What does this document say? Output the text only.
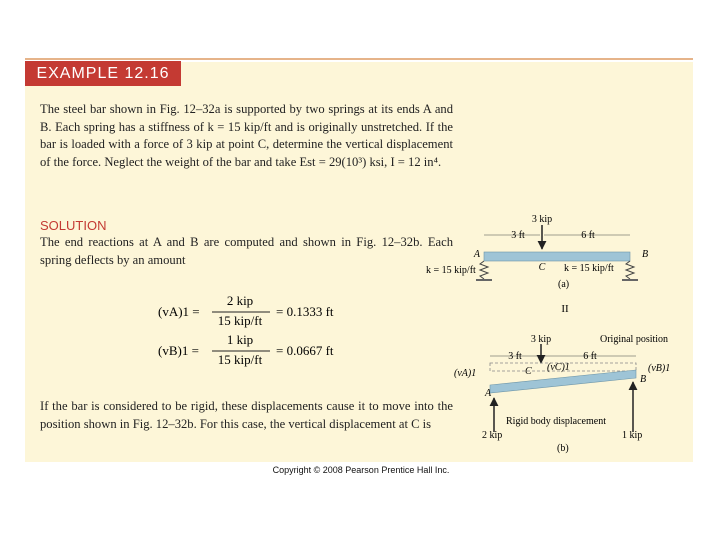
EXAMPLE 12.16

The steel bar shown in Fig. 12–32a is supported by two springs at its ends A and B. Each spring has a stiffness of k = 15 kip/ft and is originally unstretched. If the bar is loaded with a force of 3 kip at point C, determine the vertical displacement of the force. Neglect the weight of the bar and take Est = 29(10³) ksi, I = 12 in⁴.

SOLUTION

The end reactions at A and B are computed and shown in Fig. 12–32b. Each spring deflects by an amount

(vA)1 =
2 kip
15 kip/ft
= 0.1333 ft
(vB)1 =
1 kip
15 kip/ft
= 0.0667 ft

If the bar is considered to be rigid, these displacements cause it to move into the position shown in Fig. 12–32b. For this case, the vertical displacement at C is

3 kip
3 ft	6 ft
A	B
C
k = 15 kip/ft	k = 15 kip/ft
(a)
II
3 kip	Original position
3 ft	6 ft
(vA)1
(vC)1	(vB)1
C
A
B
Rigid body displacement
2 kip	1 kip
(b)
Copyright © 2008 Pearson Prentice Hall Inc.
